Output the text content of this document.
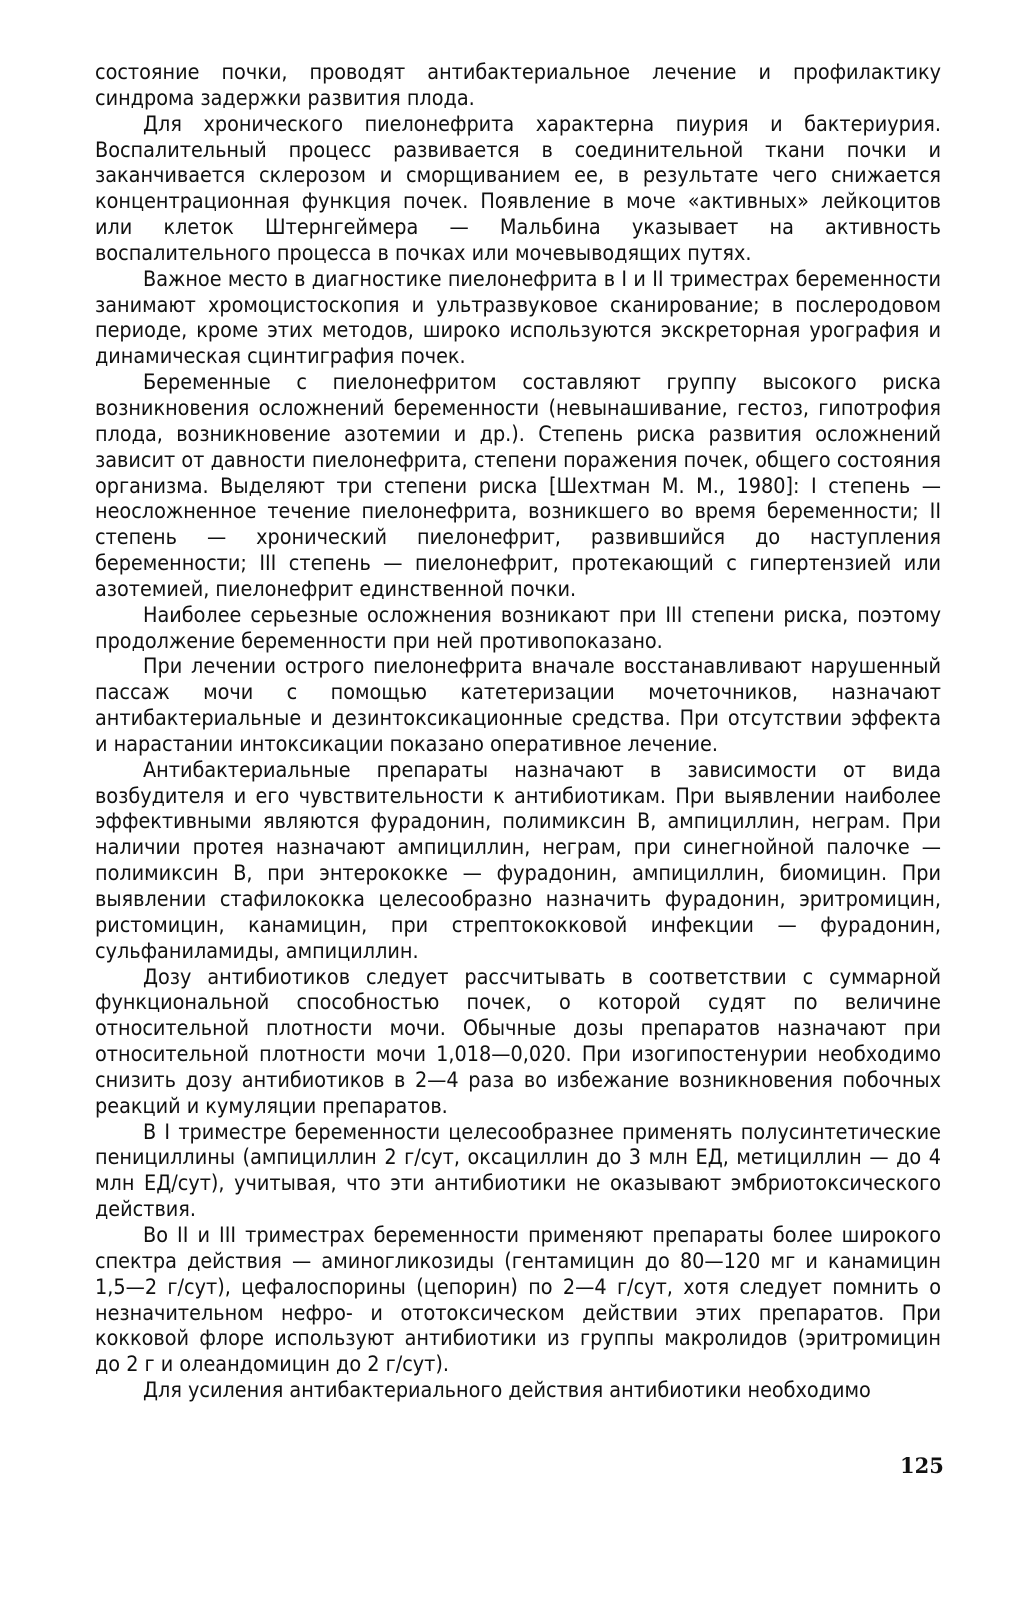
состояние почки, проводят антибактериальное лечение и профилактику синдрома задержки развития плода.

Для хронического пиелонефрита характерна пиурия и бактериурия. Воспалительный процесс развивается в соединительной ткани почки и заканчивается склерозом и сморщиванием ее, в результате чего снижается концентрационная функция почек. Появление в моче «активных» лейкоцитов или клеток Штернгеймера — Мальбина указывает на активность воспалительного процесса в почках или мочевыводящих путях.

Важное место в диагностике пиелонефрита в I и II триместрах беременности занимают хромоцистоскопия и ультразвуковое сканирование; в послеродовом периоде, кроме этих методов, широко используются экскреторная урография и динамическая сцинтиграфия почек.

Беременные с пиелонефритом составляют группу высокого риска возникновения осложнений беременности (невынашивание, гестоз, гипотрофия плода, возникновение азотемии и др.). Степень риска развития осложнений зависит от давности пиелонефрита, степени поражения почек, общего состояния организма. Выделяют три степени риска [Шехтман М. М., 1980]: I степень — неосложненное течение пиелонефрита, возникшего во время беременности; II степень — хронический пиелонефрит, развившийся до наступления беременности; III степень — пиелонефрит, протекающий с гипертензией или азотемией, пиелонефрит единственной почки.

Наиболее серьезные осложнения возникают при III степени риска, поэтому продолжение беременности при ней противопоказано.

При лечении острого пиелонефрита вначале восстанавливают нарушенный пассаж мочи с помощью катетеризации мочеточников, назначают антибактериальные и дезинтоксикационные средства. При отсутствии эффекта и нарастании интоксикации показано оперативное лечение.

Антибактериальные препараты назначают в зависимости от вида возбудителя и его чувствительности к антибиотикам. При выявлении наиболее эффективными являются фурадонин, полимиксин В, ампициллин, неграм. При наличии протея назначают ампициллин, неграм, при синегнойной палочке — полимиксин В, при энтерококке — фурадонин, ампициллин, биомицин. При выявлении стафилококка целесообразно назначить фурадонин, эритромицин, ристомицин, канамицин, при стрептококковой инфекции — фурадонин, сульфаниламиды, ампициллин.

Дозу антибиотиков следует рассчитывать в соответствии с суммарной функциональной способностью почек, о которой судят по величине относительной плотности мочи. Обычные дозы препаратов назначают при относительной плотности мочи 1,018—0,020. При изогипостенурии необходимо снизить дозу антибиотиков в 2—4 раза во избежание возникновения побочных реакций и кумуляции препаратов.

В I триместре беременности целесообразнее применять полусинтетические пенициллины (ампициллин 2 г/сут, оксациллин до 3 млн ЕД, метициллин — до 4 млн ЕД/сут), учитывая, что эти антибиотики не оказывают эмбриотоксического действия.

Во II и III триместрах беременности применяют препараты более широкого спектра действия — аминогликозиды (гентамицин до 80—120 мг и канамицин 1,5—2 г/сут), цефалоспорины (цепорин) по 2—4 г/сут, хотя следует помнить о незначительном нефро- и ототоксическом действии этих препаратов. При кокковой флоре используют антибиотики из группы макролидов (эритромицин до 2 г и олеандомицин до 2 г/сут).

Для усиления антибактериального действия антибиотики необходимо

125
